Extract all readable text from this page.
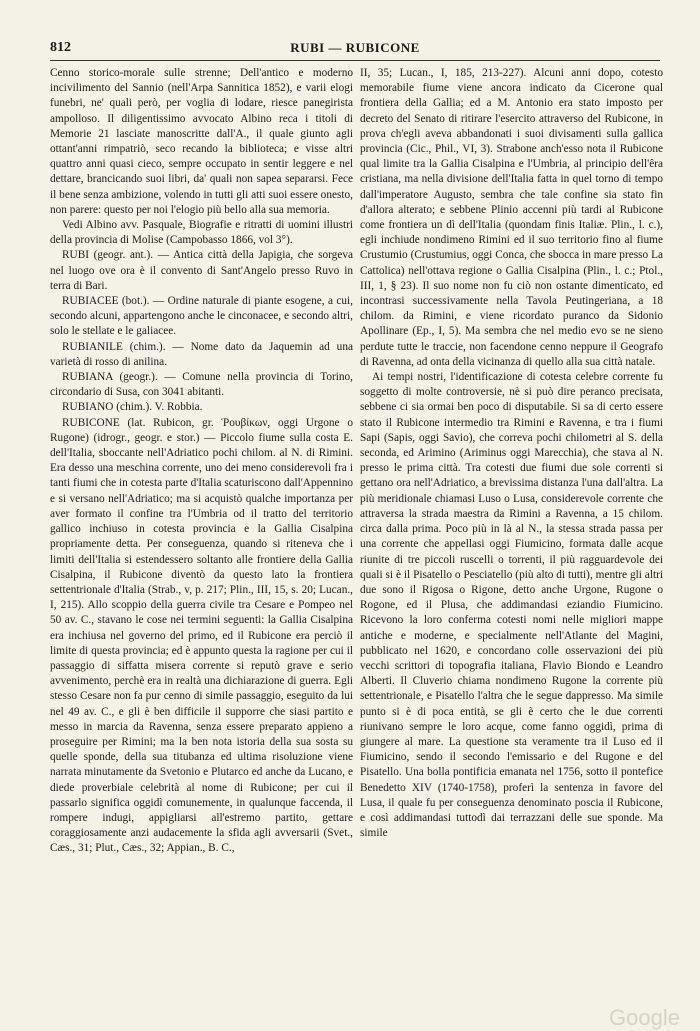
812	RUBI — RUBICONE

Cenno storico-morale sulle strenne; Dell'antico e moderno incivilimento del Sannio (nell'Arpa Sannitica 1852), e varii elogi funebri, ne' quali però, per voglia di lodare, riesce panegirista ampolloso. Il diligentissimo avvocato Albino reca i titoli di Memorie 21 lasciate manoscritte dall'A., il quale giunto agli ottant'anni rimpatriò, seco recando la biblioteca; e visse altri quattro anni quasi cieco, sempre occupato in sentir leggere e nel dettare, brancicando suoi libri, da' quali non sapea separarsi. Fece il bene senza ambizione, volendo in tutti gli atti suoi essere onesto, non parere: questo per noi l'elogio più bello alla sua memoria.

Vedi Albino avv. Pasquale, Biografie e ritratti di uomini illustri della provincia di Molise (Campobasso 1866, vol 3°).

RUBI (geogr. ant.). — Antica città della Japigia, che sorgeva nel luogo ove ora è il convento di Sant'Angelo presso Ruvo in terra di Bari.

RUBIACEE (bot.). — Ordine naturale di piante esogene, a cui, secondo alcuni, appartengono anche le cinconacee, e secondo altri, solo le stellate e le galiacee.

RUBIANILE (chim.). — Nome dato da Jaquemin ad una varietà di rosso di anilina.

RUBIANA (geogr.). — Comune nella provincia di Torino, circondario di Susa, con 3041 abitanti.

RUBIANO (chim.). V. Robbia.

RUBICONE (lat. Rubicon, gr. Ῥουβίκων, oggi Urgone o Rugone) (idrogr., geogr. e stor.) — Piccolo fiume sulla costa E. dell'Italia, sboccante nell'Adriatico pochi chilom. al N. di Rimini. Era desso una meschina corrente, uno dei meno considerevoli fra i tanti fiumi che in cotesta parte d'Italia scaturiscono dall'Appennino e si versano nell'Adriatico; ma si acquistò qualche importanza per aver formato il confine tra l'Umbria od il tratto del territorio gallico inchiuso in cotesta provincia e la Gallia Cisalpina propriamente detta. Per conseguenza, quando si riteneva che i limiti dell'Italia si estendessero soltanto alle frontiere della Gallia Cisalpina, il Rubicone diventò da questo lato la frontiera settentrionale d'Italia (Strab., v, p. 217; Plin., III, 15, s. 20; Lucan., I, 215). Allo scoppio della guerra civile tra Cesare e Pompeo nel 50 av. C., stavano le cose nei termini seguenti: la Gallia Cisalpina era inchiusa nel governo del primo, ed il Rubicone era perciò il limite di questa provincia; ed è appunto questa la ragione per cui il passaggio di siffatta misera corrente si reputò grave e serio avvenimento, perchè era in realtà una dichiarazione di guerra. Egli stesso Cesare non fa pur cenno di simile passaggio, eseguito da lui nel 49 av. C., e gli è ben difficile il supporre che siasi partito e messo in marcia da Ravenna, senza essere preparato appieno a proseguire per Rimini; ma la ben nota istoria della sua sosta su quelle sponde, della sua titubanza ed ultima risoluzione viene narrata minutamente da Svetonio e Plutarco ed anche da Lucano, e diede proverbiale celebrità al nome di Rubicone; per cui il passarlo significa oggidì comunemente, in qualunque faccenda, il rompere indugi, appigliarsi all'estremo partito, gettare coraggiosamente anzi audacemente la sfida agli avversarii (Svet., Cæs., 31; Plut., Cæs., 32; Appian., B. C.,

II, 35; Lucan., I, 185, 213-227). Alcuni anni dopo, cotesto memorabile fiume viene ancora indicato da Cicerone qual frontiera della Gallia; ed a M. Antonio era stato imposto per decreto del Senato di ritirare l'esercito attraverso del Rubicone, in prova ch'egli aveva abbandonati i suoi divisamenti sulla gallica provincia (Cic., Phil., VI, 3). Strabone anch'esso nota il Rubicone qual limite tra la Gallia Cisalpina e l'Umbria, al principio dell'êra cristiana, ma nella divisione dell'Italia fatta in quel torno di tempo dall'imperatore Augusto, sembra che tale confine sia stato fin d'allora alterato; e sebbene Plinio accenni più tardi al Rubicone come frontiera un dì dell'Italia (quondam finis Italiæ. Plin., l. c.), egli inchiude nondimeno Rimini ed il suo territorio fino al fiume Crustumio (Crustumius, oggi Conca, che sbocca in mare presso La Cattolica) nell'ottava regione o Gallia Cisalpina (Plin., l. c.; Ptol., III, 1, § 23). Il suo nome non fu ciò non ostante dimenticato, ed incontrasi successivamente nella Tavola Peutingeriana, a 18 chilom. da Rimini, e viene ricordato puranco da Sidonio Apollinare (Ep., I, 5). Ma sembra che nel medio evo se ne sieno perdute tutte le traccie, non facendone cenno neppure il Geografo di Ravenna, ad onta della vicinanza di quello alla sua città natale.

Ai tempi nostri, l'identificazione di cotesta celebre corrente fu soggetto di molte controversie, nè si può dire peranco precisata, sebbene ci sia ormai ben poco di disputabile. Si sa di certo essere stato il Rubicone intermedio tra Rimini e Ravenna, e tra i fiumi Sapi (Sapis, oggi Savio), che correva pochi chilometri al S. della seconda, ed Arimino (Ariminus oggi Marecchia), che stava al N. presso le prima città. Tra cotesti due fiumi due sole correnti si gettano ora nell'Adriatico, a brevissima distanza l'una dall'altra. La più meridionale chiamasi Luso o Lusa, considerevole corrente che attraversa la strada maestra da Rimini a Ravenna, a 15 chilom. circa dalla prima. Poco più in là al N., la stessa strada passa per una corrente che appellasi oggi Fiumicino, formata dalle acque riunite di tre piccoli ruscelli o torrenti, il più ragguardevole dei quali si è il Pisatello o Pesciatello (più alto di tutti), mentre gli altri due sono il Rigosa o Rigone, detto anche Urgone, Rugone o Rogone, ed il Plusa, che addimandasi eziandio Fiumicino. Ricevono la loro conferma cotesti nomi nelle migliori mappe antiche e moderne, e specialmente nell'Atlante del Magini, pubblicato nel 1620, e concordano colle osservazioni dei più vecchi scrittori di topografia italiana, Flavio Biondo e Leandro Alberti. Il Cluverio chiama nondimeno Rugone la corrente più settentrionale, e Pisatello l'altra che le segue dappresso. Ma simile punto si è di poca entità, se gli è certo che le due correnti riunivano sempre le loro acque, come fanno oggidì, prima di giungere al mare. La questione sta veramente tra il Luso ed il Fiumicino, sendo il secondo l'emissario e del Rugone e del Pisatello. Una bolla pontificia emanata nel 1756, sotto il pontefice Benedetto XIV (1740-1758), proferì la sentenza in favore del Lusa, il quale fu per conseguenza denominato poscia il Rubicone, e così addimandasi tuttodì dai terrazzani delle sue sponde. Ma simile

Google
